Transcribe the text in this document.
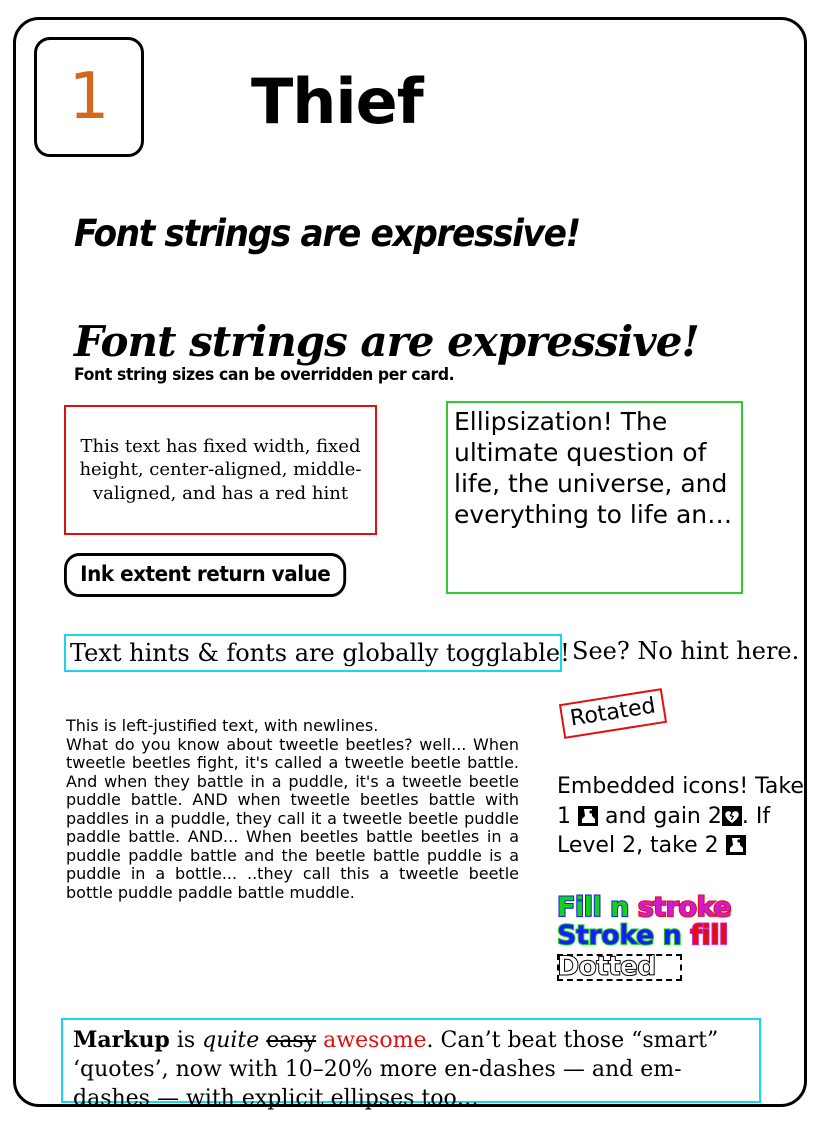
1 Thief
Font strings are expressive!
Font strings are expressive!
Font string sizes can be overridden per card.
This text has fixed width, fixed height, center-aligned, middle-valigned, and has a red hint
Ellipsization! The ultimate question of life, the universe, and everything to life an…
Ink extent return value
Text hints & fonts are globally togglable! See? No hint here.
This is left-justified text, with newlines.
What do you know about tweetle beetles? well... When tweetle beetles fight, it's called a tweetle beetle battle. And when they battle in a puddle, it's a tweetle beetle puddle battle. AND when tweetle beetles battle with paddles in a puddle, they call it a tweetle beetle puddle paddle battle. AND... When beetles battle beetles in a puddle paddle battle and the beetle battle puddle is a puddle in a bottle... ..they call this a tweetle beetle bottle puddle paddle battle muddle.
Rotated
Embedded icons! Take 1
and gain 2 . If Level 2, take 2
Fill n stroke
Stroke n fill
Dotted
Markup is quite easy awesome. Can’t beat those “smart” ‘quotes’, now with 10–20% more en-dashes — and em-dashes — with explicit ellipses too…
